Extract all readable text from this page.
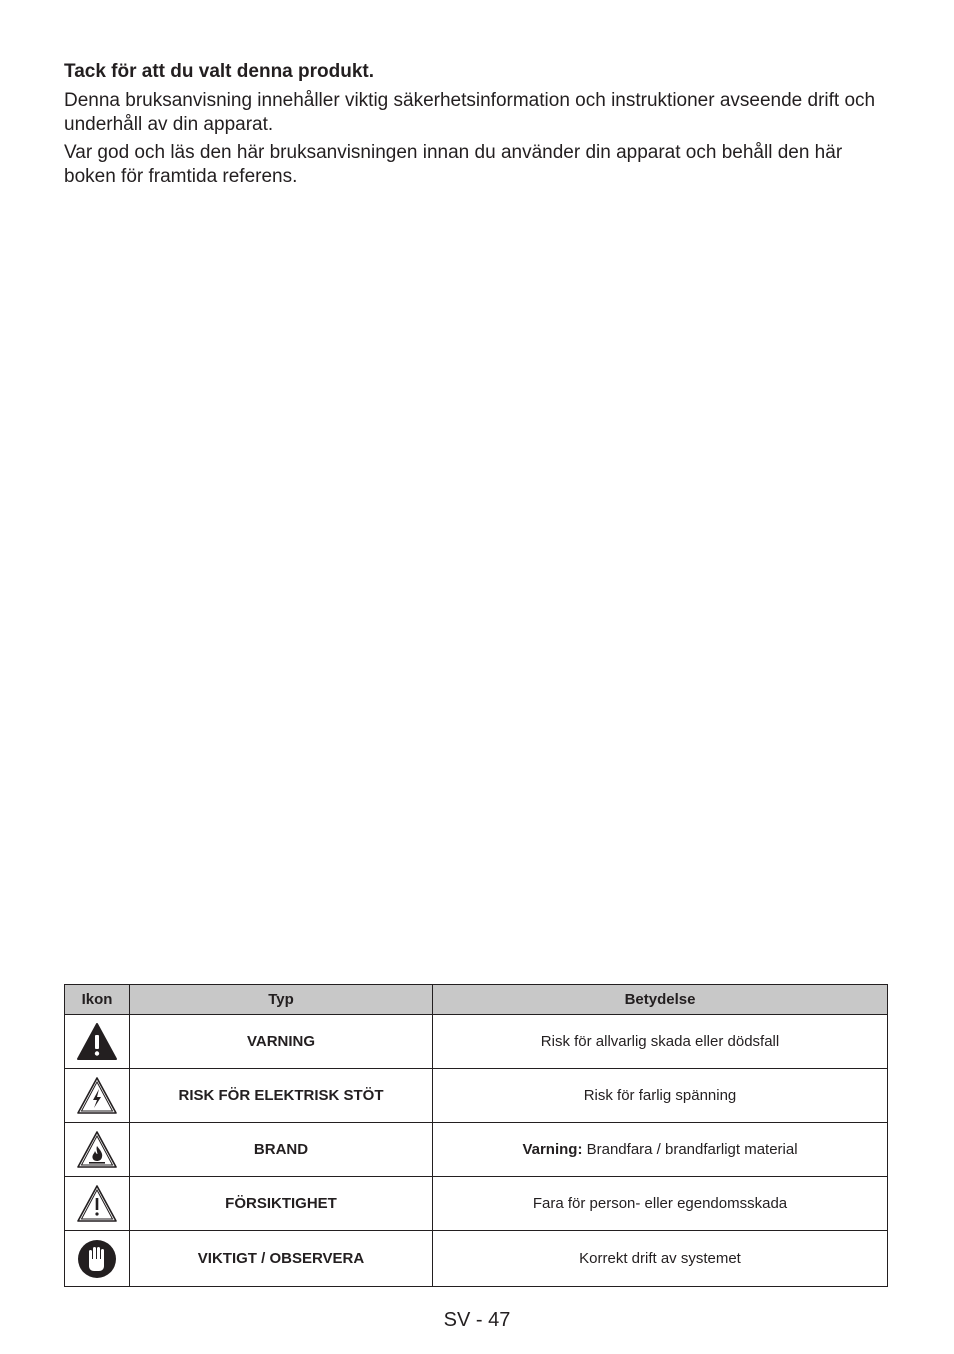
Tack för att du valt denna produkt.

Denna bruksanvisning innehåller viktig säkerhetsinformation och instruktioner avseende drift och underhåll av din apparat.

Var god och läs den här bruksanvisningen innan du använder din apparat och behåll den här boken för framtida referens.

Ikon	Typ	Betydelse

	VARNING	Risk för allvarlig skada eller dödsfall

	RISK FÖR ELEKTRISK STÖT	Risk för farlig spänning

	BRAND	Varning: Brandfara / brandfarligt material

	FÖRSIKTIGHET	Fara för person- eller egendomsskada

	VIKTIGT / OBSERVERA	Korrekt drift av systemet
SV - 47
